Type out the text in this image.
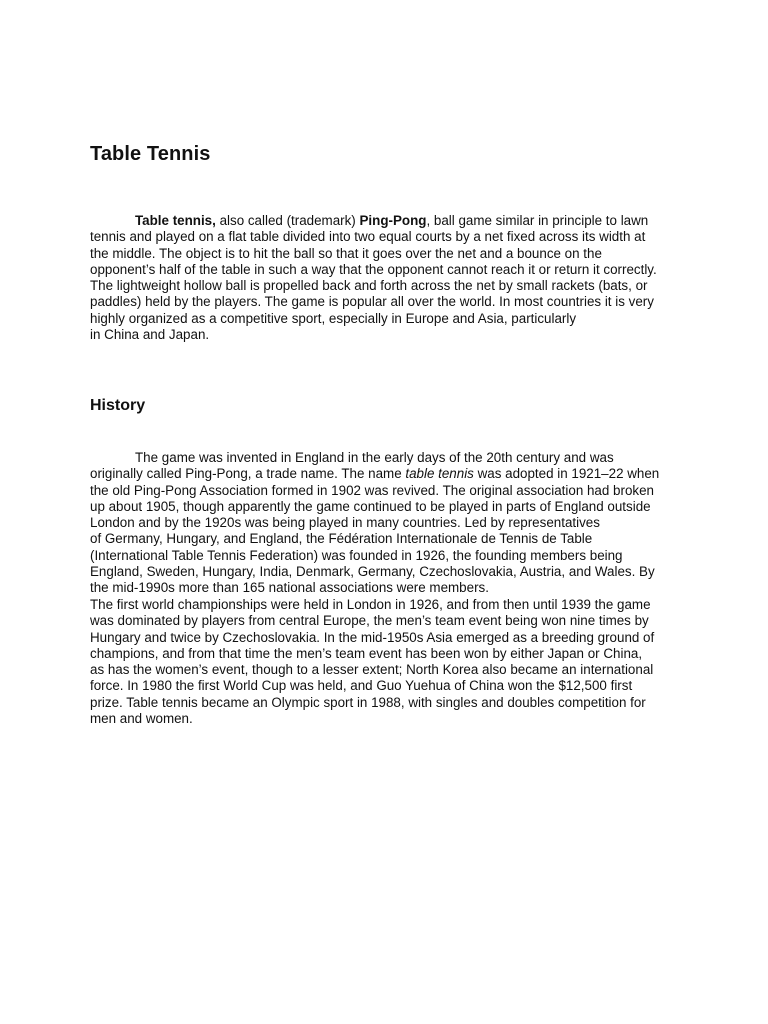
Table Tennis
Table tennis, also called (trademark) Ping-Pong, ball game similar in principle to lawn
tennis and played on a flat table divided into two equal courts by a net fixed across its width at
the middle. The object is to hit the ball so that it goes over the net and a bounce on the
opponent’s half of the table in such a way that the opponent cannot reach it or return it correctly.
The lightweight hollow ball is propelled back and forth across the net by small rackets (bats, or
paddles) held by the players. The game is popular all over the world. In most countries it is very
highly organized as a competitive sport, especially in Europe and Asia, particularly
in China and Japan.
History
The game was invented in England in the early days of the 20th century and was
originally called Ping-Pong, a trade name. The name table tennis was adopted in 1921–22 when
the old Ping-Pong Association formed in 1902 was revived. The original association had broken
up about 1905, though apparently the game continued to be played in parts of England outside
London and by the 1920s was being played in many countries. Led by representatives
of Germany, Hungary, and England, the Fédération Internationale de Tennis de Table
(International Table Tennis Federation) was founded in 1926, the founding members being
England, Sweden, Hungary, India, Denmark, Germany, Czechoslovakia, Austria, and Wales. By
the mid-1990s more than 165 national associations were members.
The first world championships were held in London in 1926, and from then until 1939 the game
was dominated by players from central Europe, the men’s team event being won nine times by
Hungary and twice by Czechoslovakia. In the mid-1950s Asia emerged as a breeding ground of
champions, and from that time the men’s team event has been won by either Japan or China,
as has the women’s event, though to a lesser extent; North Korea also became an international
force. In 1980 the first World Cup was held, and Guo Yuehua of China won the $12,500 first
prize. Table tennis became an Olympic sport in 1988, with singles and doubles competition for
men and women.
